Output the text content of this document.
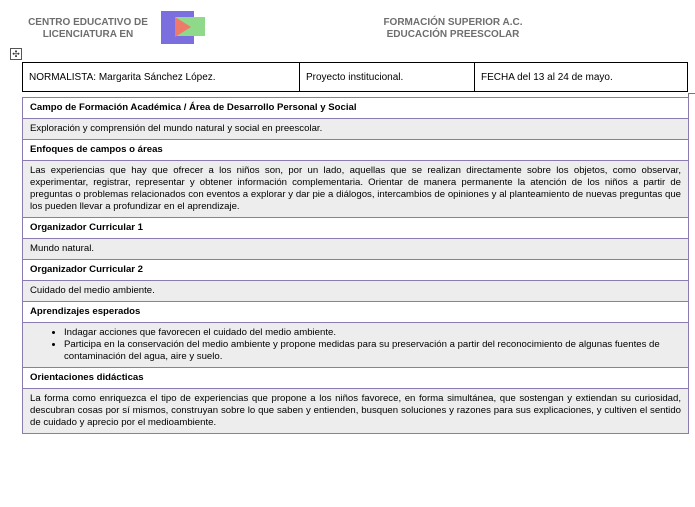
CENTRO EDUCATIVO DE
LICENCIATURA EN
FORMACIÓN SUPERIOR A.C.
EDUCACIÓN PREESCOLAR
✣
NORMALISTA: Margarita Sánchez López.	Proyecto institucional.	FECHA del 13 al 24 de mayo.
Campo de Formación Académica / Área de Desarrollo Personal y Social
Exploración y comprensión del mundo natural y social en preescolar.
Enfoques de campos o áreas
Las experiencias que hay que ofrecer a los niños son, por un lado, aquellas que se realizan directamente sobre los objetos, como observar, experimentar, registrar, representar y obtener información complementaria. Orientar de manera permanente la atención de los niños a partir de preguntas o problemas relacionados con eventos a explorar y dar pie a diálogos, intercambios de opiniones y al planteamiento de nuevas preguntas que los pueden llevar a profundizar en el aprendizaje.
Organizador Curricular 1
Mundo natural.
Organizador Curricular 2
Cuidado del medio ambiente.
Aprendizajes esperados
• Indagar acciones que favorecen el cuidado del medio ambiente.
• Participa en la conservación del medio ambiente y propone medidas para su preservación a partir del reconocimiento de algunas fuentes de contaminación del agua, aire y suelo.
Orientaciones didácticas
La forma como enriquezca el tipo de experiencias que propone a los niños favorece, en forma simultánea, que sostengan y extiendan su curiosidad, descubran cosas por sí mismos, construyan sobre lo que saben y entienden, busquen soluciones y razones para sus explicaciones, y cultiven el sentido de cuidado y aprecio por el medioambiente.
